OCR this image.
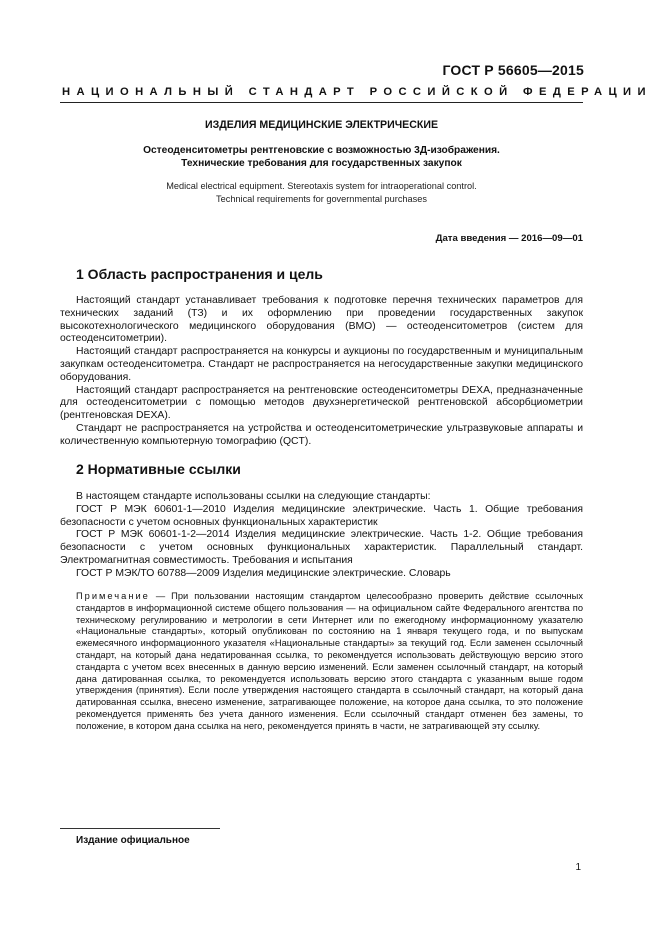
ГОСТ Р 56605—2015
НАЦИОНАЛЬНЫЙ СТАНДАРТ РОССИЙСКОЙ ФЕДЕРАЦИИ
ИЗДЕЛИЯ МЕДИЦИНСКИЕ ЭЛЕКТРИЧЕСКИЕ
Остеоденситометры рентгеновские с возможностью 3Д-изображения.
Технические требования для государственных закупок
Medical electrical equipment. Stereotaxis system for intraoperational control.
Technical requirements for governmental purchases
Дата введения — 2016—09—01
1 Область распространения и цель

Настоящий стандарт устанавливает требования к подготовке перечня технических параметров для технических заданий (ТЗ) и их оформлению при проведении государственных закупок высокотехнологического медицинского оборудования (ВМО) — остеоденситометров (систем для остеоденситометрии).

Настоящий стандарт распространяется на конкурсы и аукционы по государственным и муниципальным закупкам остеоденситометра. Стандарт не распространяется на негосударственные закупки медицинского оборудования.

Настоящий стандарт распространяется на рентгеновские остеоденситометры DEXA, предназначенные для остеоденситометрии с помощью методов двухэнергетической рентгеновской абсорбциометрии (рентгеновская DEXA).

Стандарт не распространяется на устройства и остеоденситометрические ультразвуковые аппараты и количественную компьютерную томографию (QCT).

2 Нормативные ссылки

В настоящем стандарте использованы ссылки на следующие стандарты:

ГОСТ Р МЭК 60601-1—2010 Изделия медицинские электрические. Часть 1. Общие требования безопасности с учетом основных функциональных характеристик

ГОСТ Р МЭК 60601-1-2—2014 Изделия медицинские электрические. Часть 1-2. Общие требования безопасности с учетом основных функциональных характеристик. Параллельный стандарт. Электромагнитная совместимость. Требования и испытания

ГОСТ Р МЭК/ТО 60788—2009 Изделия медицинские электрические. Словарь

Примечание — При пользовании настоящим стандартом целесообразно проверить действие ссылочных стандартов в информационной системе общего пользования — на официальном сайте Федерального агентства по техническому регулированию и метрологии в сети Интернет или по ежегодному информационному указателю «Национальные стандарты», который опубликован по состоянию на 1 января текущего года, и по выпускам ежемесячного информационного указателя «Национальные стандарты» за текущий год. Если заменен ссылочный стандарт, на который дана недатированная ссылка, то рекомендуется использовать действующую версию этого стандарта с учетом всех внесенных в данную версию изменений. Если заменен ссылочный стандарт, на который дана датированная ссылка, то рекомендуется использовать версию этого стандарта с указанным выше годом утверждения (принятия). Если после утверждения настоящего стандарта в ссылочный стандарт, на который дана датированная ссылка, внесено изменение, затрагивающее положение, на которое дана ссылка, то это положение рекомендуется применять без учета данного изменения. Если ссылочный стандарт отменен без замены, то положение, в котором дана ссылка на него, рекомендуется принять в части, не затрагивающей эту ссылку.
Издание официальное
1
